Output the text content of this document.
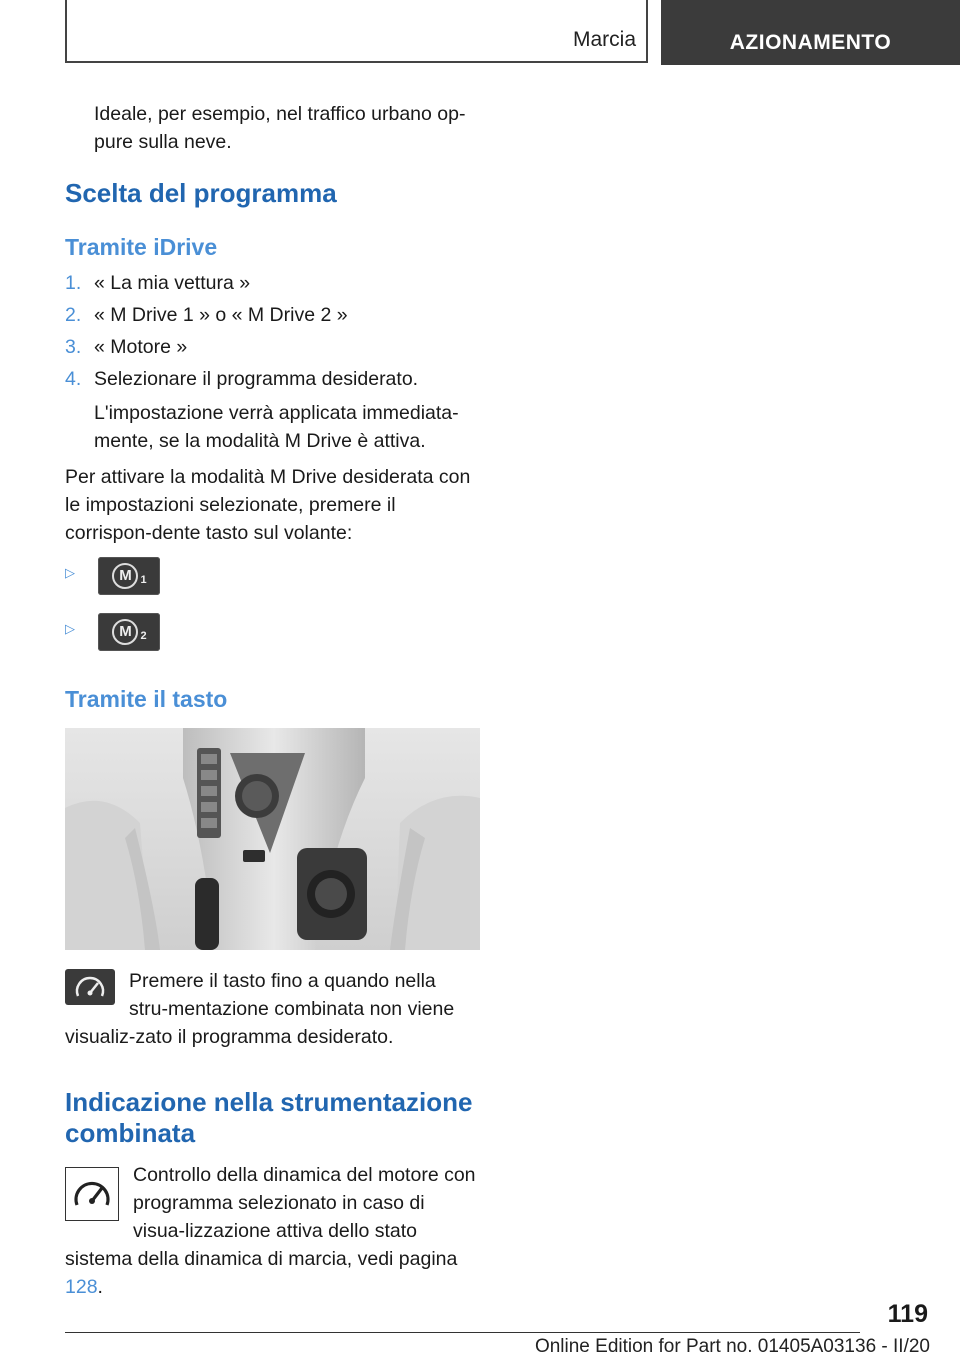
Marcia	AZIONAMENTO

Ideale, per esempio, nel traffico urbano op-pure sulla neve.

Scelta del programma
Tramite iDrive
1. « La mia vettura »
2. « M Drive 1 » o « M Drive 2 »
3. « Motore »
4. Selezionare il programma desiderato.

L'impostazione verrà applicata immediata-mente, se la modalità M Drive è attiva.

Per attivare la modalità M Drive desiderata con le impostazioni selezionate, premere il corrispon-dente tasto sul volante:

▷	M 1
▷	M 2
Tramite il tasto

Premere il tasto fino a quando nella stru-mentazione combinata non viene visualiz-zato il programma desiderato.

Indicazione nella strumentazione
combinata

Controllo della dinamica del motore con programma selezionato in caso di visua-lizzazione attiva dello stato sistema della dinamica di marcia, vedi pagina 128.

119
Online Edition for Part no. 01405A03136 - II/20
